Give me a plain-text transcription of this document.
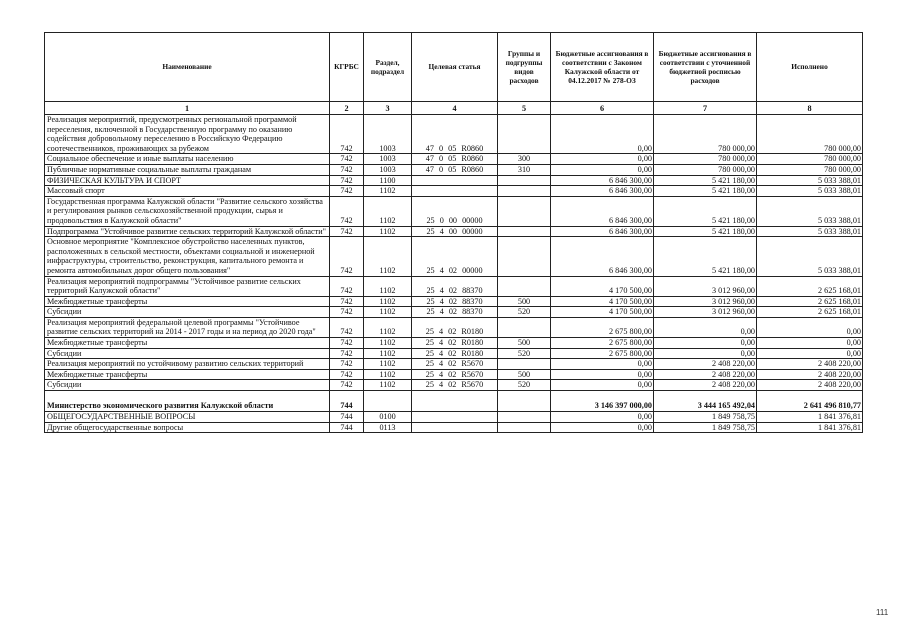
Наименование	КГРБС	Раздел, подраздел	Целевая статья	Группы и подгруппы видов расходов	Бюджетные ассигнования в соответствии с Законом Калужской области от 04.12.2017 № 278-ОЗ	Бюджетные ассигнования в соответствии с уточненной бюджетной росписью расходов	Исполнено
1	2	3	4	5	6	7	8
Реализация мероприятий, предусмотренных региональной программой переселения, включенной в Государственную программу по оказанию содействия добровольному переселению в Российскую Федерацию соотечественников, проживающих за рубежом	742	1003	47 0 05 R0860		0,00	780 000,00	780 000,00
Социальное обеспечение и иные выплаты населению	742	1003	47 0 05 R0860	300	0,00	780 000,00	780 000,00
Публичные нормативные социальные выплаты гражданам	742	1003	47 0 05 R0860	310	0,00	780 000,00	780 000,00
ФИЗИЧЕСКАЯ КУЛЬТУРА И СПОРТ	742	1100			6 846 300,00	5 421 180,00	5 033 388,01
Массовый спорт	742	1102			6 846 300,00	5 421 180,00	5 033 388,01
Государственная программа Калужской области "Развитие сельского хозяйства и регулирования рынков сельскохозяйственной продукции, сырья и продовольствия в Калужской области"	742	1102	25 0 00 00000		6 846 300,00	5 421 180,00	5 033 388,01
Подпрограмма "Устойчивое развитие сельских территорий Калужской области"	742	1102	25 4 00 00000		6 846 300,00	5 421 180,00	5 033 388,01
Основное мероприятие "Комплексное обустройство населенных пунктов, расположенных в сельской местности, объектами социальной и инженерной инфраструктуры, строительство, реконструкция, капитального ремонта и ремонта автомобильных дорог общего пользования"	742	1102	25 4 02 00000		6 846 300,00	5 421 180,00	5 033 388,01
Реализация мероприятий подпрограммы "Устойчивое развитие сельских территорий Калужской области"	742	1102	25 4 02 88370		4 170 500,00	3 012 960,00	2 625 168,01
Межбюджетные трансферты	742	1102	25 4 02 88370	500	4 170 500,00	3 012 960,00	2 625 168,01
Субсидии	742	1102	25 4 02 88370	520	4 170 500,00	3 012 960,00	2 625 168,01
Реализация мероприятий федеральной целевой программы "Устойчивое развитие сельских территорий на 2014 - 2017 годы и на период до 2020 года"	742	1102	25 4 02 R0180		2 675 800,00	0,00	0,00
Межбюджетные трансферты	742	1102	25 4 02 R0180	500	2 675 800,00	0,00	0,00
Субсидии	742	1102	25 4 02 R0180	520	2 675 800,00	0,00	0,00
Реализация мероприятий по устойчивому развитию сельских территорий	742	1102	25 4 02 R5670		0,00	2 408 220,00	2 408 220,00
Межбюджетные трансферты	742	1102	25 4 02 R5670	500	0,00	2 408 220,00	2 408 220,00
Субсидии	742	1102	25 4 02 R5670	520	0,00	2 408 220,00	2 408 220,00
Министерство экономического развития Калужской области	744				3 146 397 000,00	3 444 165 492,04	2 641 496 810,77
ОБЩЕГОСУДАРСТВЕННЫЕ ВОПРОСЫ	744	0100			0,00	1 849 758,75	1 841 376,81
Другие общегосударственные вопросы	744	0113			0,00	1 849 758,75	1 841 376,81
111
